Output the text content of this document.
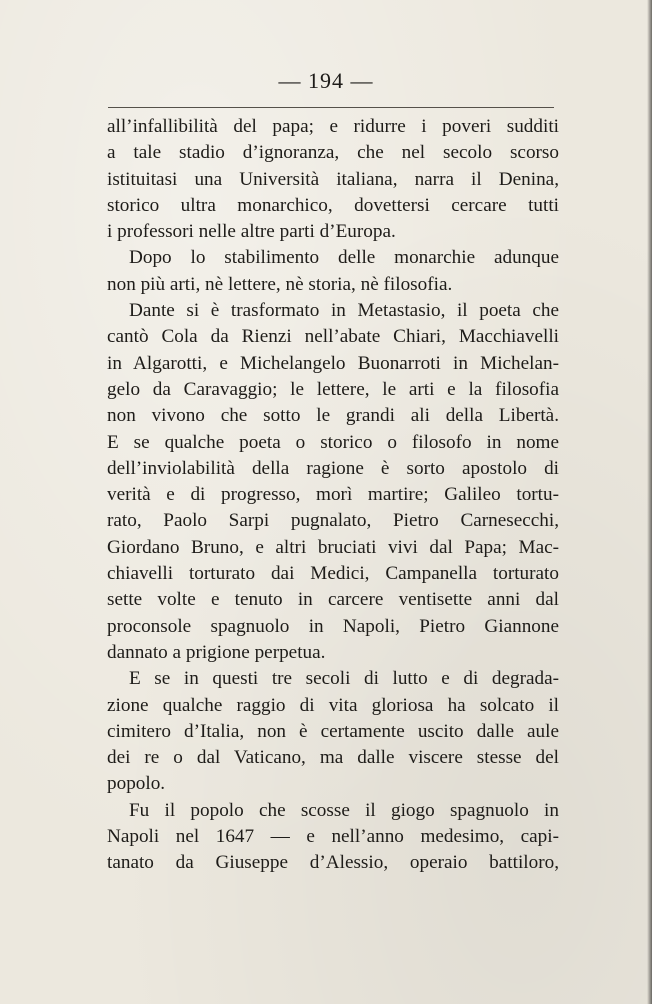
— 194 —

all’infallibilità del papa; e ridurre i poveri sudditi
a tale stadio d’ignoranza, che nel secolo scorso
istituitasi una Università italiana, narra il Denina,
storico ultra monarchico, dovettersi cercare tutti
i professori nelle altre parti d’Europa.
Dopo lo stabilimento delle monarchie adunque
non più arti, nè lettere, nè storia, nè filosofia.
Dante si è trasformato in Metastasio, il poeta che
cantò Cola da Rienzi nell’abate Chiari, Macchiavelli
in Algarotti, e Michelangelo Buonarroti in Michelan-
gelo da Caravaggio; le lettere, le arti e la filosofia
non vivono che sotto le grandi ali della Libertà.
E se qualche poeta o storico o filosofo in nome
dell’inviolabilità della ragione è sorto apostolo di
verità e di progresso, morì martire; Galileo tortu-
rato, Paolo Sarpi pugnalato, Pietro Carnesecchi,
Giordano Bruno, e altri bruciati vivi dal Papa; Mac-
chiavelli torturato dai Medici, Campanella torturato
sette volte e tenuto in carcere ventisette anni dal
proconsole spagnuolo in Napoli, Pietro Giannone
dannato a prigione perpetua.
E se in questi tre secoli di lutto e di degrada-
zione qualche raggio di vita gloriosa ha solcato il
cimitero d’Italia, non è certamente uscito dalle aule
dei re o dal Vaticano, ma dalle viscere stesse del
popolo.
Fu il popolo che scosse il giogo spagnuolo in
Napoli nel 1647 — e nell’anno medesimo, capi-
tanato da Giuseppe d’Alessio, operaio battiloro,
